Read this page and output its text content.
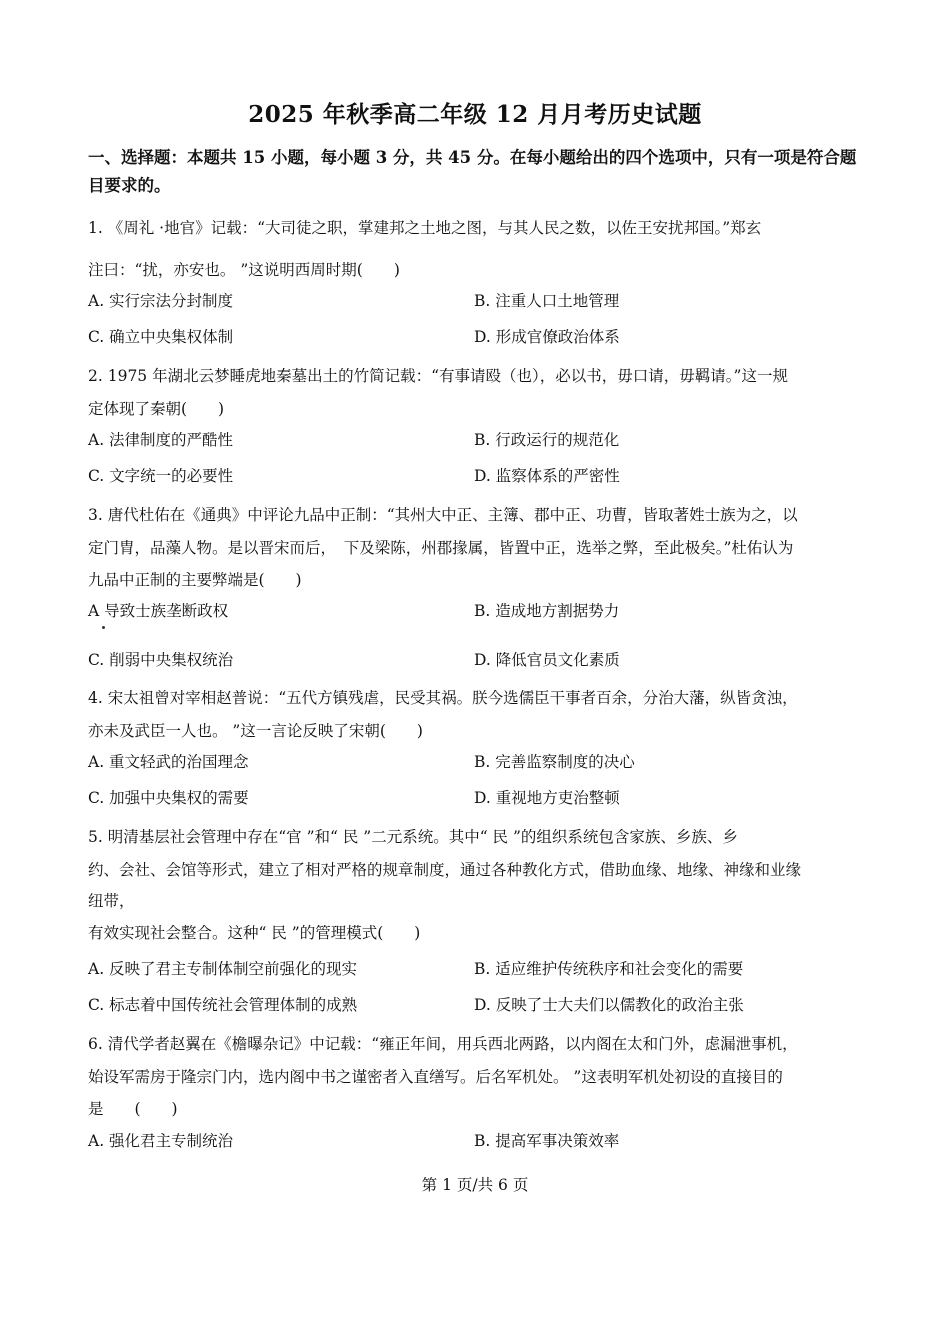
2025 年秋季高二年级 12 月月考历史试题
一、选择题：本题共 15 小题，每小题 3 分，共 45 分。在每小题给出的四个选项中，只有一项是符合题目要求的。
1. 《周礼 ·地官》记载：“大司徒之职，掌建邦之土地之图，与其人民之数，以佐王安扰邦国。”郑玄
注曰：“扰，亦安也。 ”这说明西周时期(　　)
A. 实行宗法分封制度	B. 注重人口土地管理
C. 确立中央集权体制	D. 形成官僚政治体系
2. 1975 年湖北云梦睡虎地秦墓出土的竹简记载：“有事请殴（也），必以书，毋口请，毋羁请。”这一规
定体现了秦朝(　　)
A. 法律制度的严酷性	B. 行政运行的规范化
C. 文字统一的必要性	D. 监察体系的严密性
3. 唐代杜佑在《通典》中评论九品中正制：“其州大中正、主簿、郡中正、功曹，皆取著姓士族为之，以
定门胄，品藻人物。是以晋宋而后，　下及梁陈，州郡掾属，皆置中正，选举之弊，至此极矣。”杜佑认为
九品中正制的主要弊端是(　　)
A 导致士族垄断政权	B. 造成地方割据势力
C. 削弱中央集权统治	D. 降低官员文化素质
4. 宋太祖曾对宰相赵普说：“五代方镇残虐，民受其祸。朕今选儒臣干事者百余，分治大藩，纵皆贪浊，
亦未及武臣一人也。 ”这一言论反映了宋朝(　　)
A. 重文轻武的治国理念	B. 完善监察制度的决心
C. 加强中央集权的需要	D. 重视地方吏治整顿
5. 明清基层社会管理中存在“官 ”和“ 民 ”二元系统。其中“ 民 ”的组织系统包含家族、乡族、乡
约、会社、会馆等形式，建立了相对严格的规章制度，通过各种教化方式，借助血缘、地缘、神缘和业缘
纽带，
有效实现社会整合。这种“ 民 ”的管理模式(　　)
A. 反映了君主专制体制空前强化的现实	B. 适应维护传统秩序和社会变化的需要
C. 标志着中国传统社会管理体制的成熟	D. 反映了士大夫们以儒教化的政治主张
6. 清代学者赵翼在《檐曝杂记》中记载：“雍正年间，用兵西北两路，以内阁在太和门外，虑漏泄事机，
始设军需房于隆宗门内，选内阁中书之谨密者入直缮写。后名军机处。 ”这表明军机处初设的直接目的
是　　(　　)
A. 强化君主专制统治	B. 提高军事决策效率
第 1 页/共 6 页
